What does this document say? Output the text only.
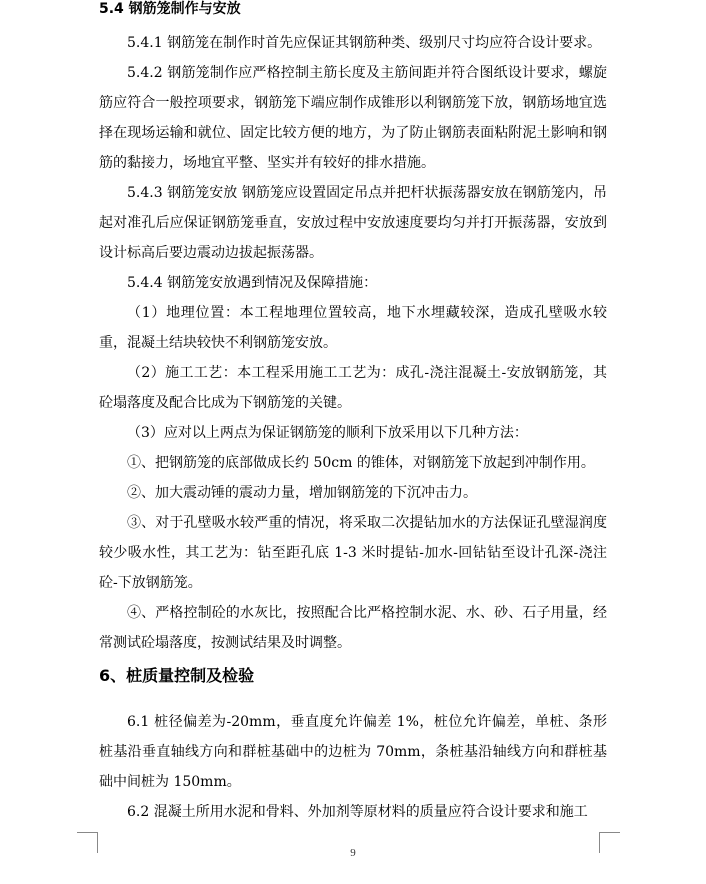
5.4 钢筋笼制作与安放

5.4.1 钢筋笼在制作时首先应保证其钢筋种类、级别尺寸均应符合设计要求。

5.4.2 钢筋笼制作应严格控制主筋长度及主筋间距并符合图纸设计要求，螺旋筋应符合一般控项要求，钢筋笼下端应制作成锥形以利钢筋笼下放，钢筋场地宜选择在现场运输和就位、固定比较方便的地方，为了防止钢筋表面粘附泥土影响和钢筋的黏接力，场地宜平整、坚实并有较好的排水措施。

5.4.3 钢筋笼安放 钢筋笼应设置固定吊点并把杆状振荡器安放在钢筋笼内，吊起对准孔后应保证钢筋笼垂直，安放过程中安放速度要均匀并打开振荡器，安放到设计标高后要边震动边拔起振荡器。

5.4.4 钢筋笼安放遇到情况及保障措施：

（1）地理位置：本工程地理位置较高，地下水埋藏较深，造成孔壁吸水较重，混凝土结块较快不利钢筋笼安放。

（2）施工工艺：本工程采用施工工艺为：成孔-浇注混凝土-安放钢筋笼，其砼塌落度及配合比成为下钢筋笼的关键。

（3）应对以上两点为保证钢筋笼的顺利下放采用以下几种方法：

①、把钢筋笼的底部做成长约 50cm 的锥体，对钢筋笼下放起到冲制作用。

②、加大震动锤的震动力量，增加钢筋笼的下沉冲击力。

③、对于孔壁吸水较严重的情况，将采取二次提钻加水的方法保证孔壁湿润度较少吸水性，其工艺为：钻至距孔底 1-3 米时提钻-加水-回钻钻至设计孔深-浇注砼-下放钢筋笼。

④、严格控制砼的水灰比，按照配合比严格控制水泥、水、砂、石子用量，经常测试砼塌落度，按测试结果及时调整。

6、桩质量控制及检验

6.1 桩径偏差为-20mm，垂直度允许偏差 1%，桩位允许偏差，单桩、条形桩基沿垂直轴线方向和群桩基础中的边桩为 70mm，条桩基沿轴线方向和群桩基础中间桩为 150mm。

6.2 混凝土所用水泥和骨料、外加剂等原材料的质量应符合设计要求和施工

9
